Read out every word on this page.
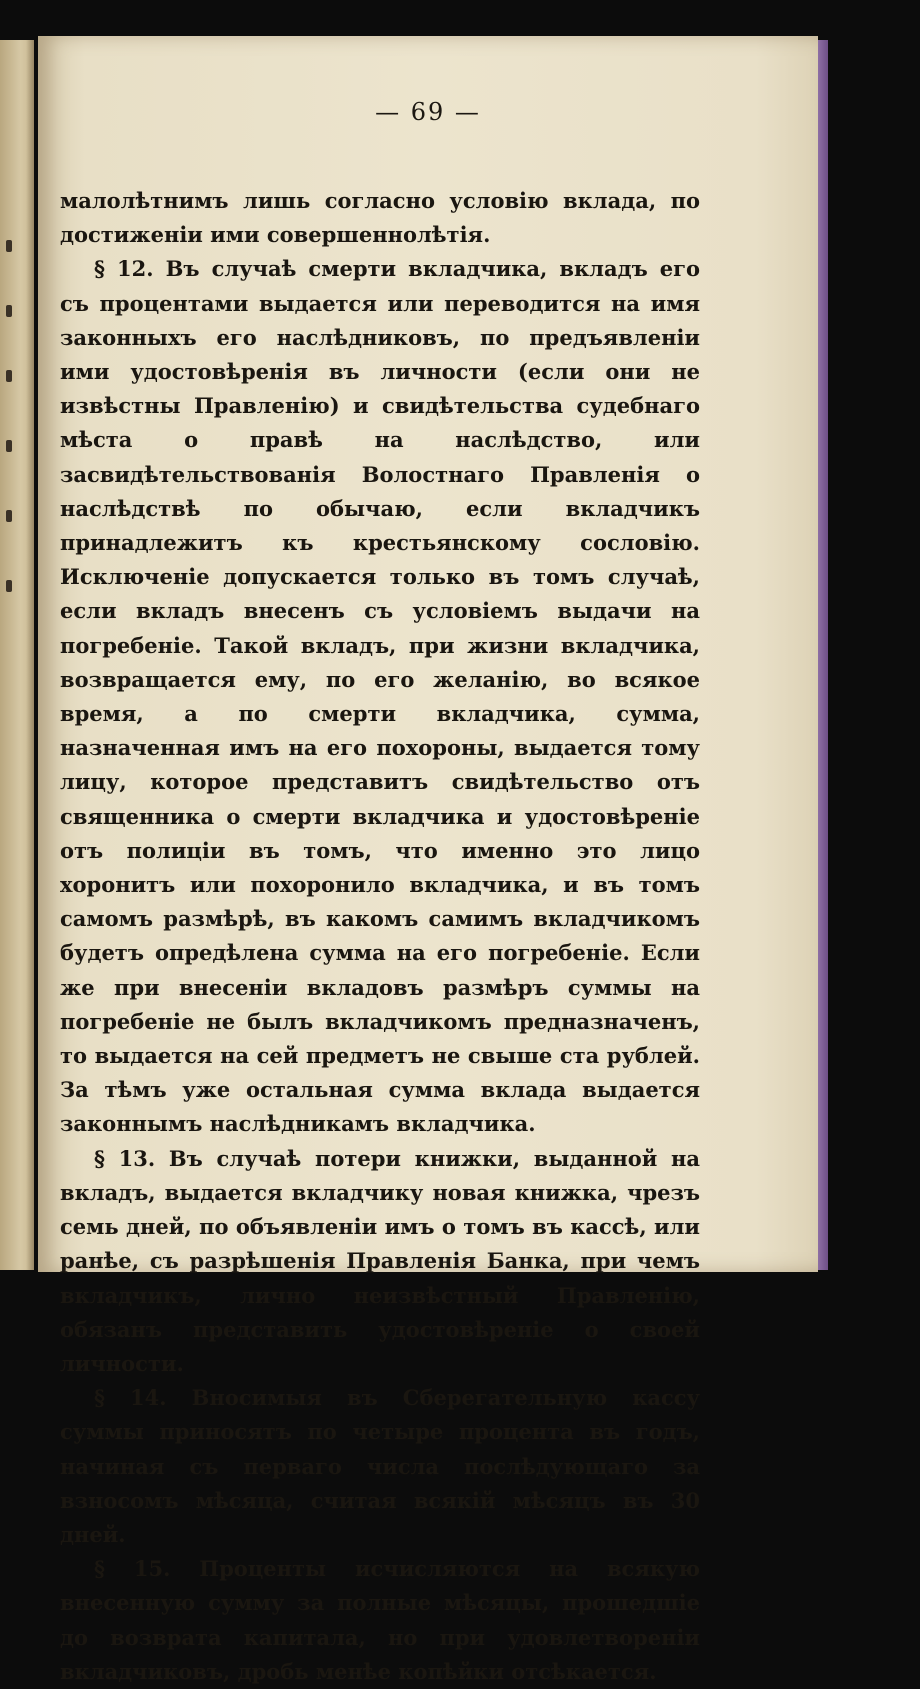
— 69 —

малолѣтнимъ лишь согласно условію вклада, по достиженіи ими совершеннолѣтія.

§ 12. Въ случаѣ смерти вкладчика, вкладъ его съ процентами выдается или переводится на имя законныхъ его наслѣдниковъ, по предъявленіи ими удостовѣренія въ личности (если они не извѣстны Правленію) и свидѣтельства судебнаго мѣста о правѣ на наслѣдство, или засвидѣтельствованія Волостнаго Правленія о наслѣдствѣ по обычаю, если вкладчикъ принадлежитъ къ крестьянскому сословію. Исключеніе допускается только въ томъ случаѣ, если вкладъ внесенъ съ условіемъ выдачи на погребеніе. Такой вкладъ, при жизни вкладчика, возвращается ему, по его желанію, во всякое время, а по смерти вкладчика, сумма, назначенная имъ на его похороны, выдается тому лицу, которое представитъ свидѣтельство отъ священника о смерти вкладчика и удостовѣреніе отъ полиціи въ томъ, что именно это лицо хоронитъ или похоронило вкладчика, и въ томъ самомъ размѣрѣ, въ какомъ самимъ вкладчикомъ будетъ опредѣлена сумма на его погребеніе. Если же при внесеніи вкладовъ размѣръ суммы на погребеніе не былъ вкладчикомъ предназначенъ, то выдается на сей предметъ не свыше ста рублей. За тѣмъ уже остальная сумма вклада выдается законнымъ наслѣдникамъ вкладчика.

§ 13. Въ случаѣ потери книжки, выданной на вкладъ, выдается вкладчику новая книжка, чрезъ семь дней, по объявленіи имъ о томъ въ кассѣ, или ранѣе, съ разрѣшенія Правленія Банка, при чемъ вкладчикъ, лично неизвѣстный Правленію, обязанъ представить удостовѣреніе о своей личности.

§ 14. Вносимыя въ Сберегательную кассу суммы приносятъ по четыре процента въ годъ, начиная съ перваго числа послѣдующаго за взносомъ мѣсяца, считая всякій мѣсяцъ въ 30 дней.

§ 15. Проценты исчисляются на всякую внесенную сумму за полные мѣсяцы, прошедшіе до возврата капитала, но при удовлетвореніи вкладчиковъ, дробь менѣе копѣйки отсѣкается.
